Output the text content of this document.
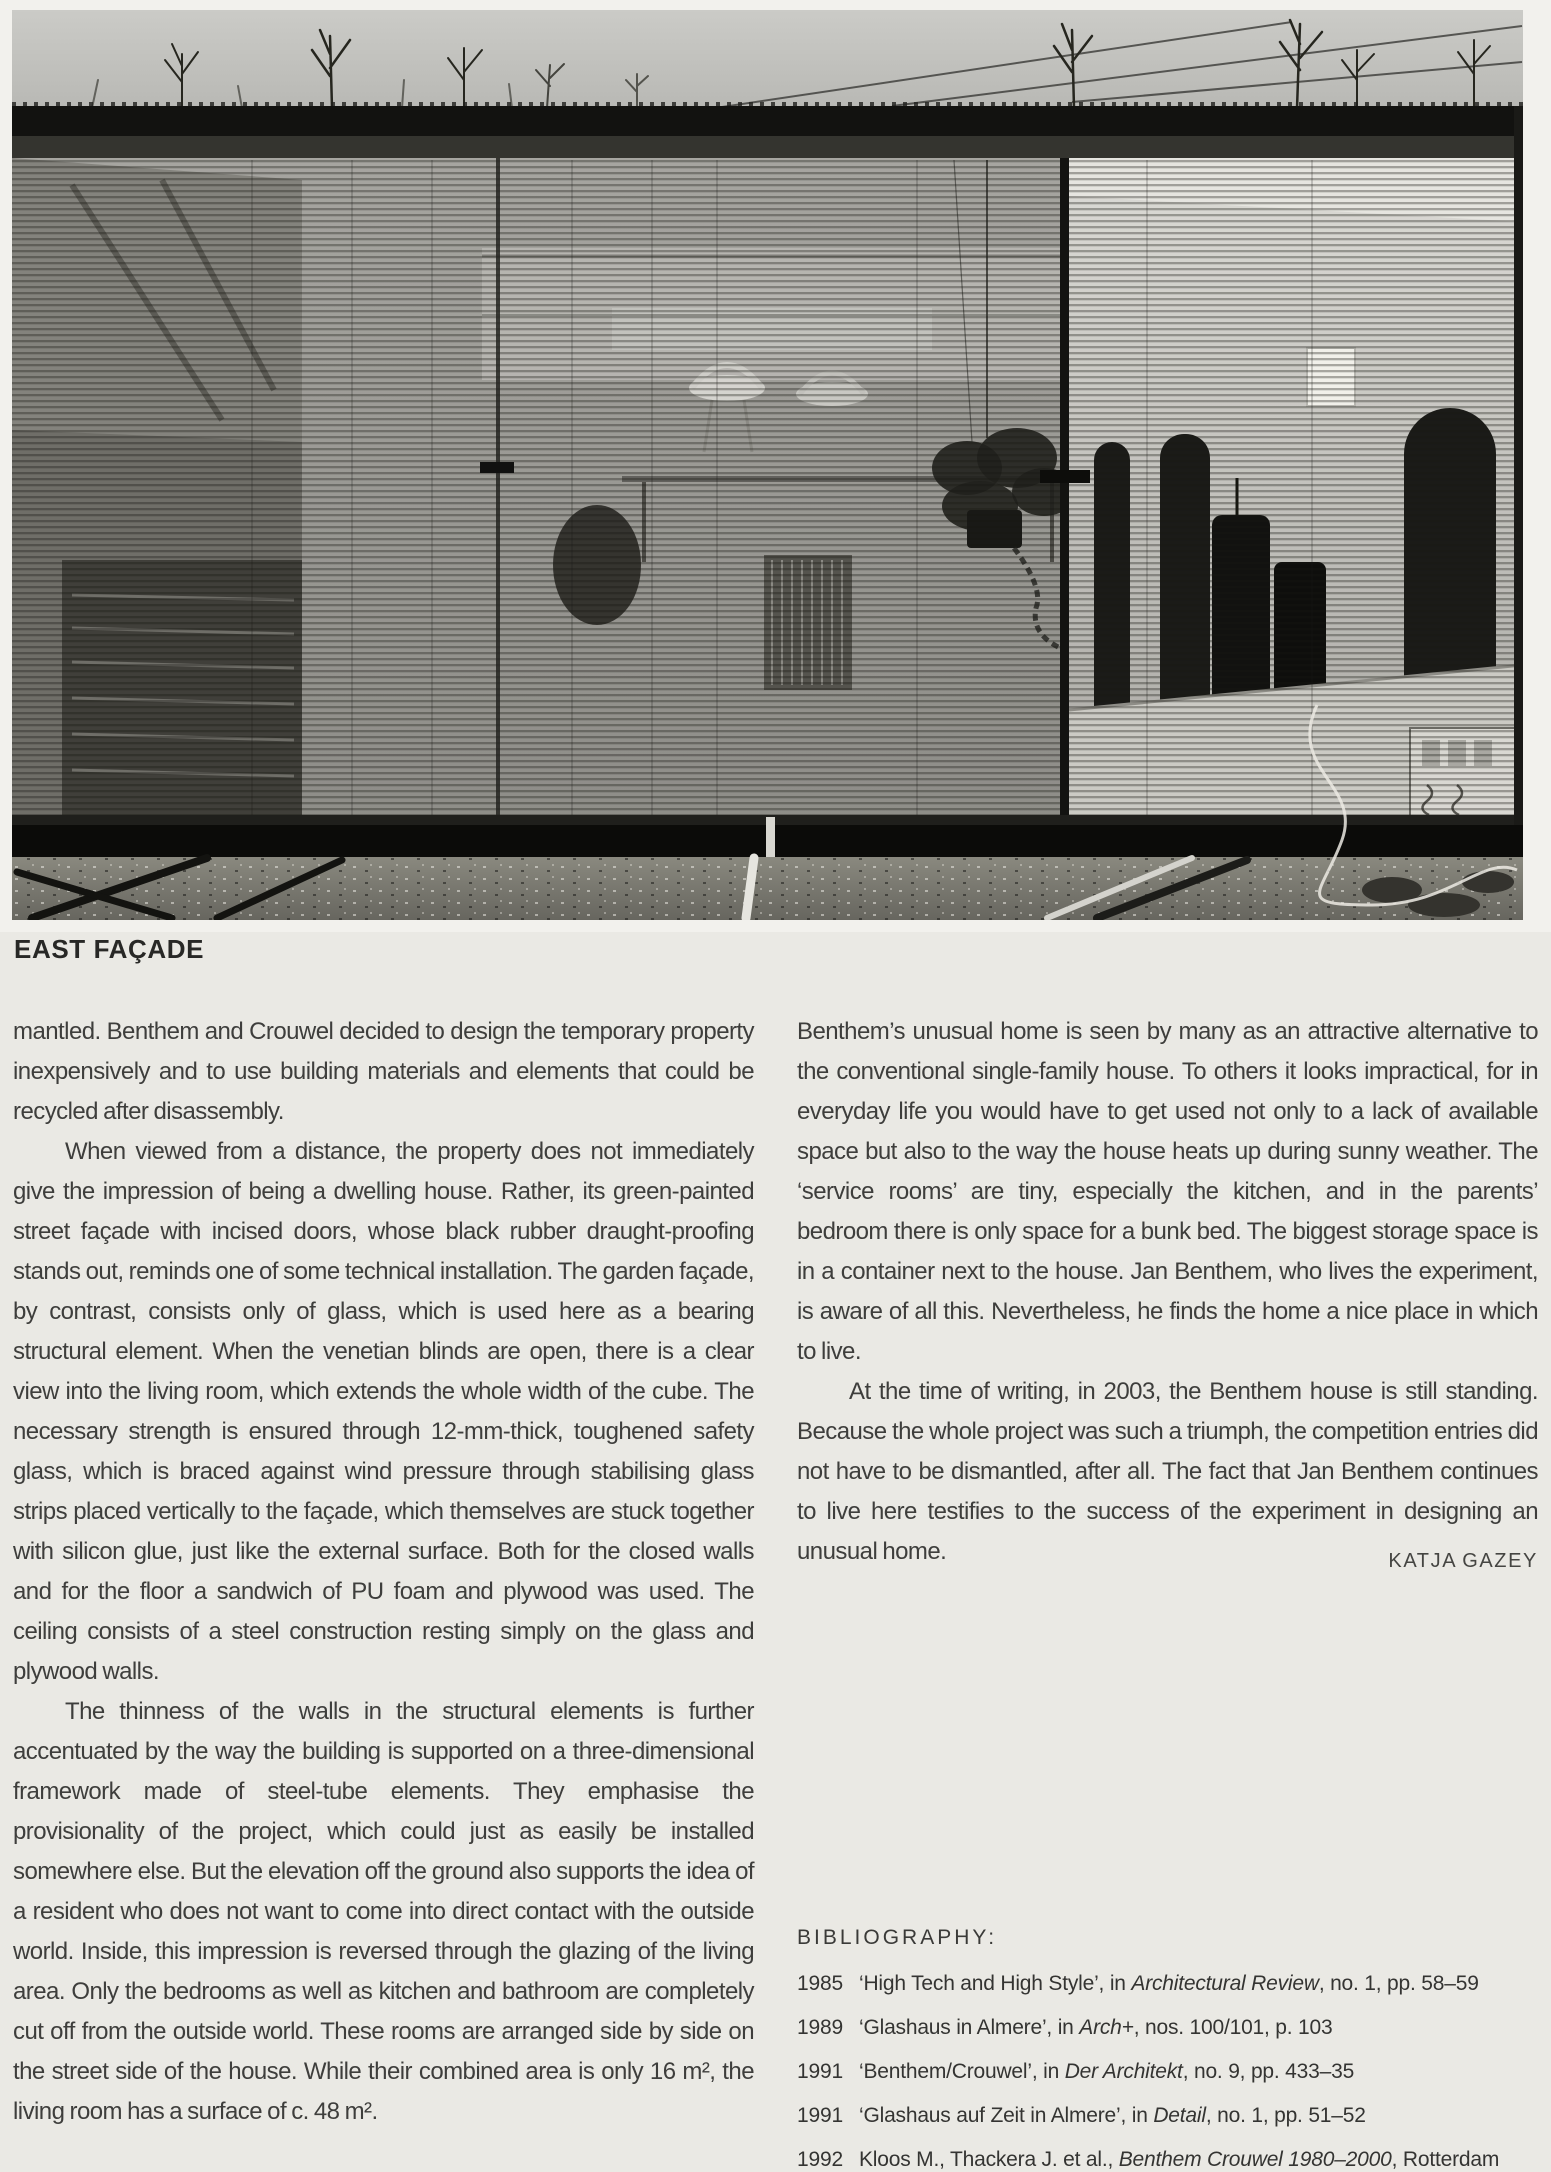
EAST FAÇADE

mantled. Benthem and Crouwel decided to design the temporary property inexpensively and to use building materials and elements that could be recycled after disassembly.

When viewed from a distance, the property does not immediately give the impression of being a dwelling house. Rather, its green-painted street façade with incised doors, whose black rubber draught-proofing stands out, reminds one of some technical installation. The garden façade, by contrast, consists only of glass, which is used here as a bearing structural element. When the venetian blinds are open, there is a clear view into the living room, which extends the whole width of the cube. The necessary strength is ensured through 12-mm-thick, toughened safety glass, which is braced against wind pressure through stabilising glass strips placed vertically to the façade, which themselves are stuck together with silicon glue, just like the external surface. Both for the closed walls and for the floor a sandwich of PU foam and plywood was used. The ceiling consists of a steel construction resting simply on the glass and plywood walls.

The thinness of the walls in the structural elements is further accentuated by the way the building is supported on a three-dimensional framework made of steel-tube elements. They emphasise the provisionality of the project, which could just as easily be installed somewhere else. But the elevation off the ground also supports the idea of a resident who does not want to come into direct contact with the outside world. Inside, this impression is reversed through the glazing of the living area. Only the bedrooms as well as kitchen and bathroom are completely cut off from the outside world. These rooms are arranged side by side on the street side of the house. While their combined area is only 16 m², the living room has a surface of c. 48 m².

Benthem’s unusual home is seen by many as an attractive alternative to the conventional single-family house. To others it looks impractical, for in everyday life you would have to get used not only to a lack of available space but also to the way the house heats up during sunny weather. The ‘service rooms’ are tiny, especially the kitchen, and in the parents’ bedroom there is only space for a bunk bed. The biggest storage space is in a container next to the house. Jan Benthem, who lives the experiment, is aware of all this. Nevertheless, he finds the home a nice place in which to live.

At the time of writing, in 2003, the Benthem house is still standing. Because the whole project was such a triumph, the competition entries did not have to be dismantled, after all. The fact that Jan Benthem continues to live here testifies to the success of the experiment in designing an unusual home.	KATJA GAZEY

BIBLIOGRAPHY:
1985 ‘High Tech and High Style’, in Architectural Review, no. 1, pp. 58–59
1989 ‘Glashaus in Almere’, in Arch+, nos. 100/101, p. 103
1991 ‘Benthem/Crouwel’, in Der Architekt, no. 9, pp. 433–35
1991 ‘Glashaus auf Zeit in Almere’, in Detail, no. 1, pp. 51–52
1992 Kloos M., Thackera J. et al., Benthem Crouwel 1980–2000, Rotterdam
